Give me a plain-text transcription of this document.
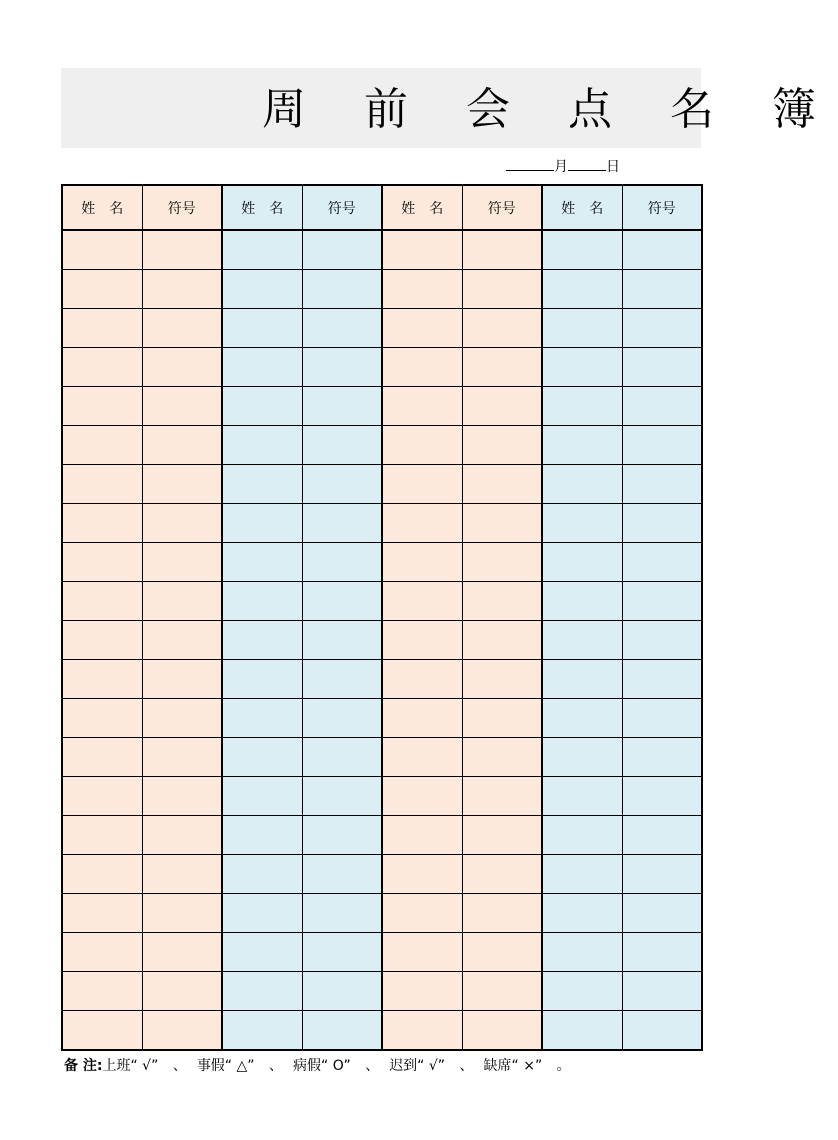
周 前 会 点 名 簿
月	日
姓　名	符号	姓　名	符号	姓　名	符号	姓　名	符号

备 注:上班“ √” 、 事假“ △” 、 病假“ O” 、 迟到“ √” 、 缺席“ ×” 。
